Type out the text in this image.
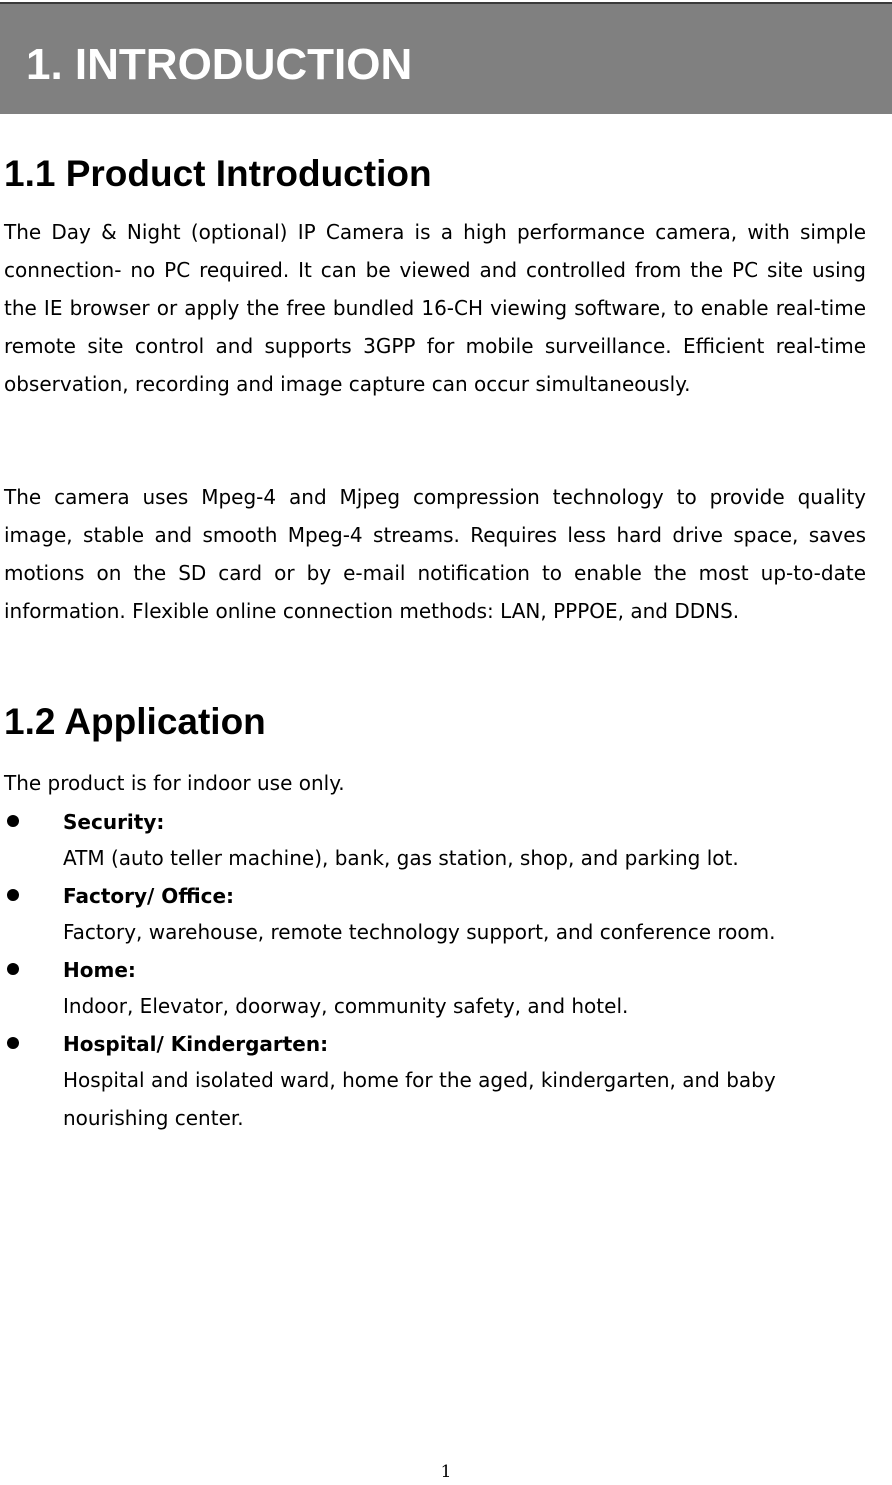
1. INTRODUCTION
1.1 Product Introduction

The Day & Night (optional) IP Camera is a high performance camera, with simple connection- no PC required. It can be viewed and controlled from the PC site using the IE browser or apply the free bundled 16-CH viewing software, to enable real-time remote site control and supports 3GPP for mobile surveillance. Efficient real-time observation, recording and image capture can occur simultaneously.

The camera uses Mpeg-4 and Mjpeg compression technology to provide quality image, stable and smooth Mpeg-4 streams. Requires less hard drive space, saves motions on the SD card or by e-mail notification to enable the most up-to-date information. Flexible online connection methods: LAN, PPPOE, and DDNS.

1.2 Application

The product is for indoor use only.

Security:
ATM (auto teller machine), bank, gas station, shop, and parking lot.
Factory/ Office:
Factory, warehouse, remote technology support, and conference room.
Home:
Indoor, Elevator, doorway, community safety, and hotel.
Hospital/ Kindergarten:
Hospital and isolated ward, home for the aged, kindergarten, and baby nourishing center.
1
